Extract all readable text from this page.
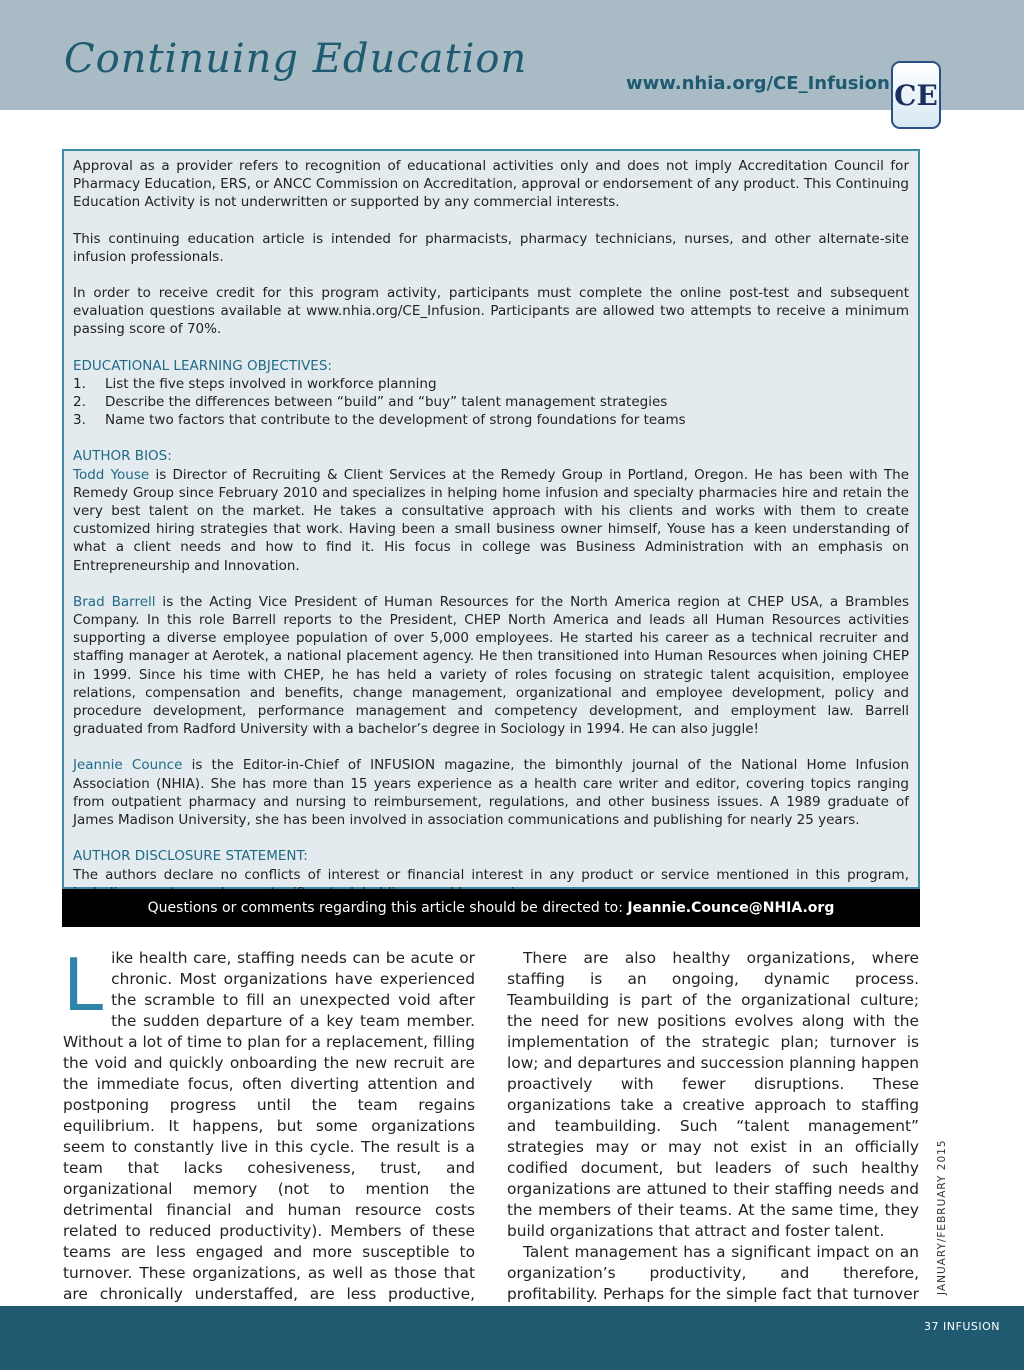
Continuing Education
www.nhia.org/CE_Infusion CE

Approval as a provider refers to recognition of educational activities only and does not imply Accreditation Council for Pharmacy Education, ERS, or ANCC Commission on Accreditation, approval or endorsement of any product. This Continuing Education Activity is not underwritten or supported by any commercial interests.

This continuing education article is intended for pharmacists, pharmacy technicians, nurses, and other alternate-site infusion professionals.

In order to receive credit for this program activity, participants must complete the online post-test and subsequent evaluation questions available at www.nhia.org/CE_Infusion. Participants are allowed two attempts to receive a minimum passing score of 70%.

EDUCATIONAL LEARNING OBJECTIVES:
1. List the five steps involved in workforce planning
2. Describe the differences between “build” and “buy” talent management strategies
3. Name two factors that contribute to the development of strong foundations for teams
AUTHOR BIOS:

Todd Youse is Director of Recruiting & Client Services at the Remedy Group in Portland, Oregon. He has been with The Remedy Group since February 2010 and specializes in helping home infusion and specialty pharmacies hire and retain the very best talent on the market. He takes a consultative approach with his clients and works with them to create customized hiring strategies that work. Having been a small business owner himself, Youse has a keen understanding of what a client needs and how to find it. His focus in college was Business Administration with an emphasis on Entrepreneurship and Innovation.

Brad Barrell is the Acting Vice President of Human Resources for the North America region at CHEP USA, a Brambles Company. In this role Barrell reports to the President, CHEP North America and leads all Human Resources activities supporting a diverse employee population of over 5,000 employees. He started his career as a technical recruiter and staffing manager at Aerotek, a national placement agency. He then transitioned into Human Resources when joining CHEP in 1999. Since his time with CHEP, he has held a variety of roles focusing on strategic talent acquisition, employee relations, compensation and benefits, change management, organizational and employee development, policy and procedure development, performance management and competency development, and employment law. Barrell graduated from Radford University with a bachelor’s degree in Sociology in 1994. He can also juggle!

Jeannie Counce is the Editor-in-Chief of INFUSION magazine, the bimonthly journal of the National Home Infusion Association (NHIA). She has more than 15 years experience as a health care writer and editor, covering topics ranging from outpatient pharmacy and nursing to reimbursement, regulations, and other business issues. A 1989 graduate of James Madison University, she has been involved in association communications and publishing for nearly 25 years.

AUTHOR DISCLOSURE STATEMENT:

The authors declare no conflicts of interest or financial interest in any product or service mentioned in this program,

Questions or comments regarding this article should be directed to: Jeannie.Counce@NHIA.org

Like health care, staffing needs can be acute or chronic. Most organizations have experienced the scramble to fill an unexpected void after the sudden departure of a key team member. Without a lot of time to plan for a replacement, filling the void and quickly onboarding the new recruit are the immediate focus, often diverting attention and postponing progress until the team regains equilibrium. It happens, but some organizations seem to constantly live in this cycle. The result is a team that lacks cohesiveness, trust, and organizational memory (not to mention the detrimental financial and human resource costs related to reduced productivity). Members of these teams are less engaged and more susceptible to turnover. These organizations, as well as those that are chronically understaffed, are less productive,

There are also healthy organizations, where staffing is an ongoing, dynamic process. Teambuilding is part of the organizational culture; the need for new positions evolves along with the implementation of the strategic plan; turnover is low; and departures and succession planning happen proactively with fewer disruptions. These organizations take a creative approach to staffing and teambuilding. Such “talent management” strategies may or may not exist in an officially codified document, but leaders of such healthy organizations are attuned to their staffing needs and the members of their teams. At the same time, they build organizations that attract and foster talent.

Talent management has a significant impact on an organization’s productivity, and therefore, profitability. Perhaps for the simple fact that turnover JANUARY/FEBRUARY 2015
37 INFUSION
